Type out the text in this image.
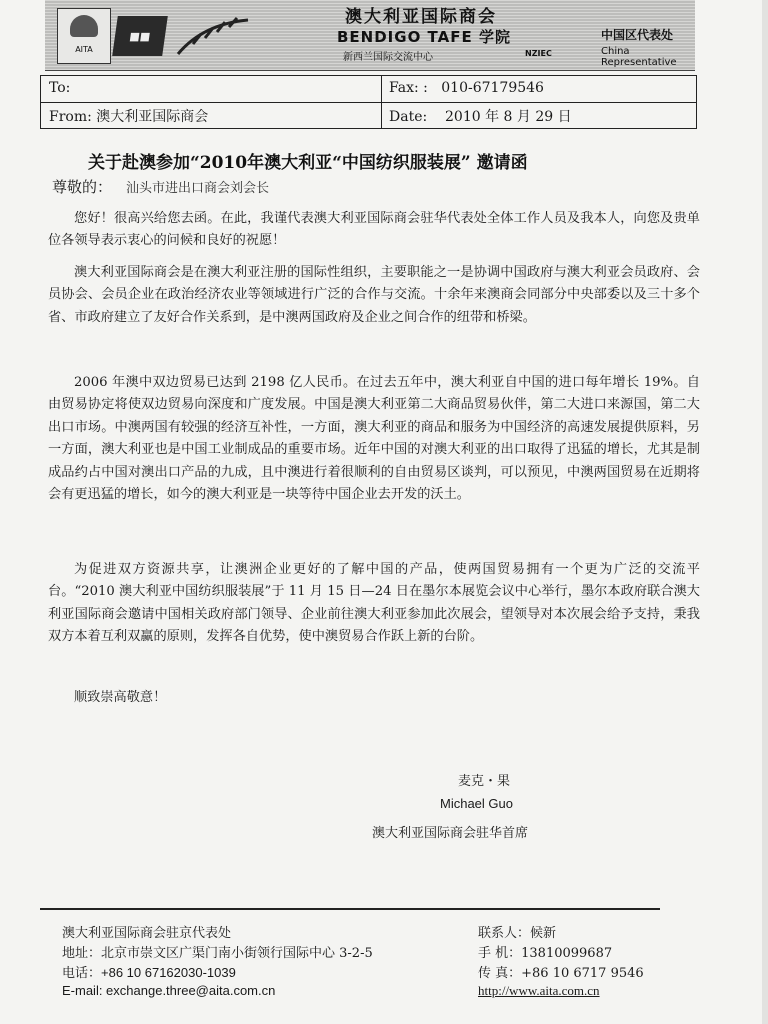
AITA
■■
澳大利亚国际商会
BENDIGO TAFE 学院
新西兰国际交流中心	NZIEC
中国区代表处
China Representative
To:	Fax: : 010-67179546
From: 澳大利亚国际商会	Date: 2010 年 8 月 29 日
关于赴澳参加“2010年澳大利亚“中国纺织服装展” 邀请函
尊敬的： 汕头市进出口商会刘会长
您好！很高兴给您去函。在此，我谨代表澳大利亚国际商会驻华代表处全体工作人员及我本人，向您及贵单位各领导表示衷心的问候和良好的祝愿！
澳大利亚国际商会是在澳大利亚注册的国际性组织，主要职能之一是协调中国政府与澳大利亚会员政府、会员协会、会员企业在政治经济农业等领域进行广泛的合作与交流。十余年来澳商会同部分中央部委以及三十多个省、市政府建立了友好合作关系到，是中澳两国政府及企业之间合作的纽带和桥梁。
2006 年澳中双边贸易已达到 2198 亿人民币。在过去五年中，澳大利亚自中国的进口每年增长 19%。自由贸易协定将使双边贸易向深度和广度发展。中国是澳大利亚第二大商品贸易伙伴，第二大进口来源国，第二大出口市场。中澳两国有较强的经济互补性，一方面，澳大利亚的商品和服务为中国经济的高速发展提供原料，另一方面，澳大利亚也是中国工业制成品的重要市场。近年中国的对澳大利亚的出口取得了迅猛的增长，尤其是制成品约占中国对澳出口产品的九成，且中澳进行着很顺利的自由贸易区谈判，可以预见，中澳两国贸易在近期将会有更迅猛的增长，如今的澳大利亚是一块等待中国企业去开发的沃土。
为促进双方资源共享，让澳洲企业更好的了解中国的产品，使两国贸易拥有一个更为广泛的交流平台。“2010 澳大利亚中国纺织服装展”于 11 月 15 日—24 日在墨尔本展览会议中心举行，墨尔本政府联合澳大利亚国际商会邀请中国相关政府部门领导、企业前往澳大利亚参加此次展会，望领导对本次展会给予支持，秉我双方本着互利双赢的原则，发挥各自优势，使中澳贸易合作跃上新的台阶。
顺致崇高敬意！
麦克・果
Michael Guo
澳大利亚国际商会驻华首席
澳大利亚国际商会驻京代表处
地址：北京市崇文区广渠门南小街领行国际中心 3-2-5
电话：+86 10 67162030-1039
E-mail: exchange.three@aita.com.cn
联系人：候新
手 机：13810099687
传 真：+86 10 6717 9546
http://www.aita.com.cn
